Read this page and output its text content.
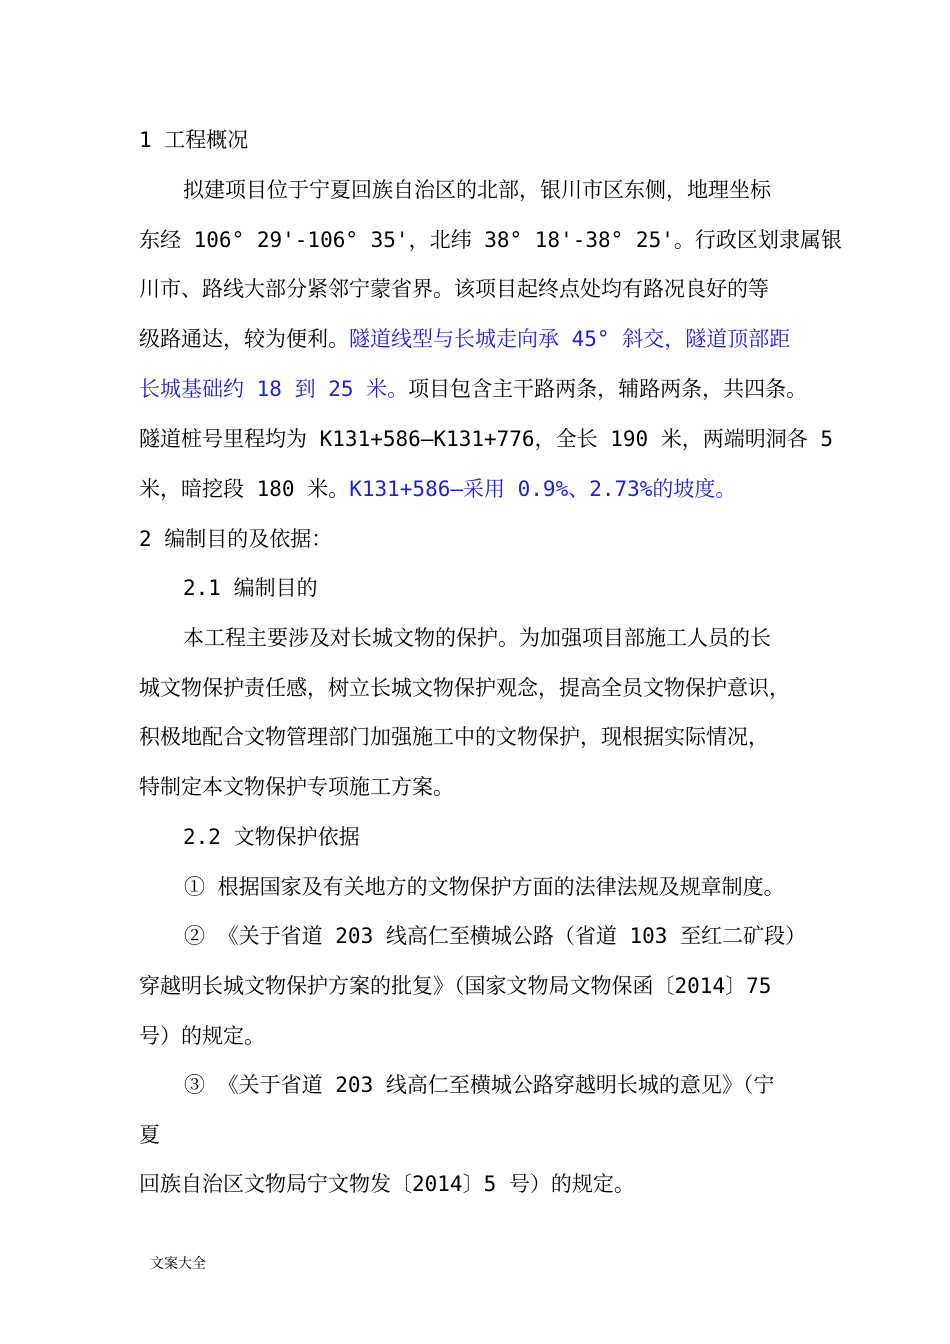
1 工程概况

拟建项目位于宁夏回族自治区的北部，银川市区东侧，地理坐标

东经 106° 29'-106° 35'，北纬 38° 18'-38° 25'。行政区划隶属银

川市、路线大部分紧邻宁蒙省界。该项目起终点处均有路况良好的等

级路通达，较为便利。隧道线型与长城走向承 45° 斜交，隧道顶部距

长城基础约 18 到 25 米。项目包含主干路两条，辅路两条，共四条。

隧道桩号里程均为 K131+586—K131+776，全长 190 米，两端明洞各 5

米，暗挖段 180 米。K131+586—采用 0.9%、2.73%的坡度。

2 编制目的及依据：

2.1 编制目的

本工程主要涉及对长城文物的保护。为加强项目部施工人员的长

城文物保护责任感，树立长城文物保护观念，提高全员文物保护意识，

积极地配合文物管理部门加强施工中的文物保护，现根据实际情况，

特制定本文物保护专项施工方案。

2.2 文物保护依据

① 根据国家及有关地方的文物保护方面的法律法规及规章制度。

② 《关于省道 203 线高仁至横城公路（省道 103 至红二矿段）

穿越明长城文物保护方案的批复》（国家文物局文物保函〔2014〕75

号）的规定。

③ 《关于省道 203 线高仁至横城公路穿越明长城的意见》（宁

夏

回族自治区文物局宁文物发〔2014〕5 号）的规定。

文案大全
